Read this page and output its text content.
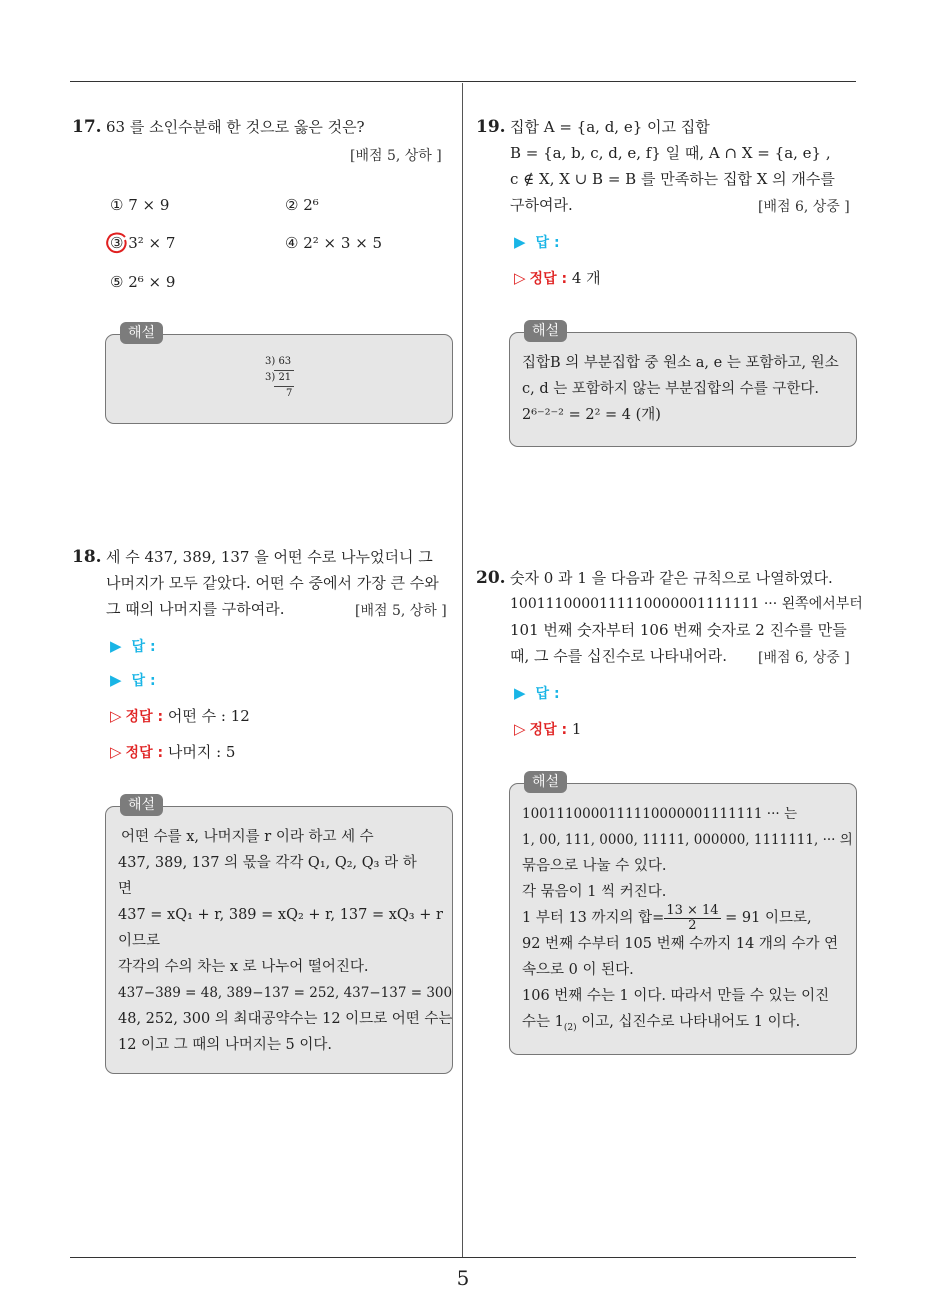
5
17. 63 를 소인수분해 한 것으로 옳은 것은?
[배점 5, 상하 ]
① 7 × 9	② 2⁶
③ 3² × 7	④ 2² × 3 × 5
⑤ 2⁶ × 9
해설
3) 63
3) 21
7
18. 세 수 437, 389, 137 을 어떤 수로 나누었더니 그
나머지가 모두 같았다. 어떤 수 중에서 가장 큰 수와
그 때의 나머지를 구하여라.	[배점 5, 상하 ]
▶ 답 :
▶ 답 :
▷ 정답 : 어떤 수 : 12
▷ 정답 : 나머지 : 5
해설
어떤 수를 x, 나머지를 r 이라 하고 세 수
437, 389, 137 의 몫을 각각 Q₁, Q₂, Q₃ 라 하
면
437 = xQ₁ + r, 389 = xQ₂ + r, 137 = xQ₃ + r
이므로
각각의 수의 차는 x 로 나누어 떨어진다.
437−389 = 48, 389−137 = 252, 437−137 = 300
48, 252, 300 의 최대공약수는 12 이므로 어떤 수는
12 이고 그 때의 나머지는 5 이다.
19. 집합 A = {a, d, e} 이고 집합
B = {a, b, c, d, e, f} 일 때, A ∩ X = {a, e} ,
c ∉ X, X ∪ B = B 를 만족하는 집합 X 의 개수를
구하여라.	[배점 6, 상중 ]
▶ 답 :
▷ 정답 : 4 개
해설
집합B 의 부분집합 중 원소 a, e 는 포함하고, 원소
c, d 는 포함하지 않는 부분집합의 수를 구한다.
2⁶⁻²⁻² = 2² = 4 (개)
20. 숫자 0 과 1 을 다음과 같은 규칙으로 나열하였다.
1001110000111110000001111111 ··· 왼쪽에서부터
101 번째 숫자부터 106 번째 숫자로 2 진수를 만들
때, 그 수를 십진수로 나타내어라. [배점 6, 상중 ]
▶ 답 :
▷ 정답 : 1
해설
1001110000111110000001111111 ··· 는
1, 00, 111, 0000, 11111, 000000, 1111111, ··· 의
묶음으로 나눌 수 있다.
각 묶음이 1 씩 커진다.
1 부터 13 까지의 합= $\frac{13 \times 14}{2} = 91$ 이므로,
92 번째 수부터 105 번째 수까지 14 개의 수가 연
속으로 0 이 된다.
106 번째 수는 1 이다. 따라서 만들 수 있는 이진
수는 $1_{(2)}$ 이고, 십진수로 나타내어도 1 이다.
